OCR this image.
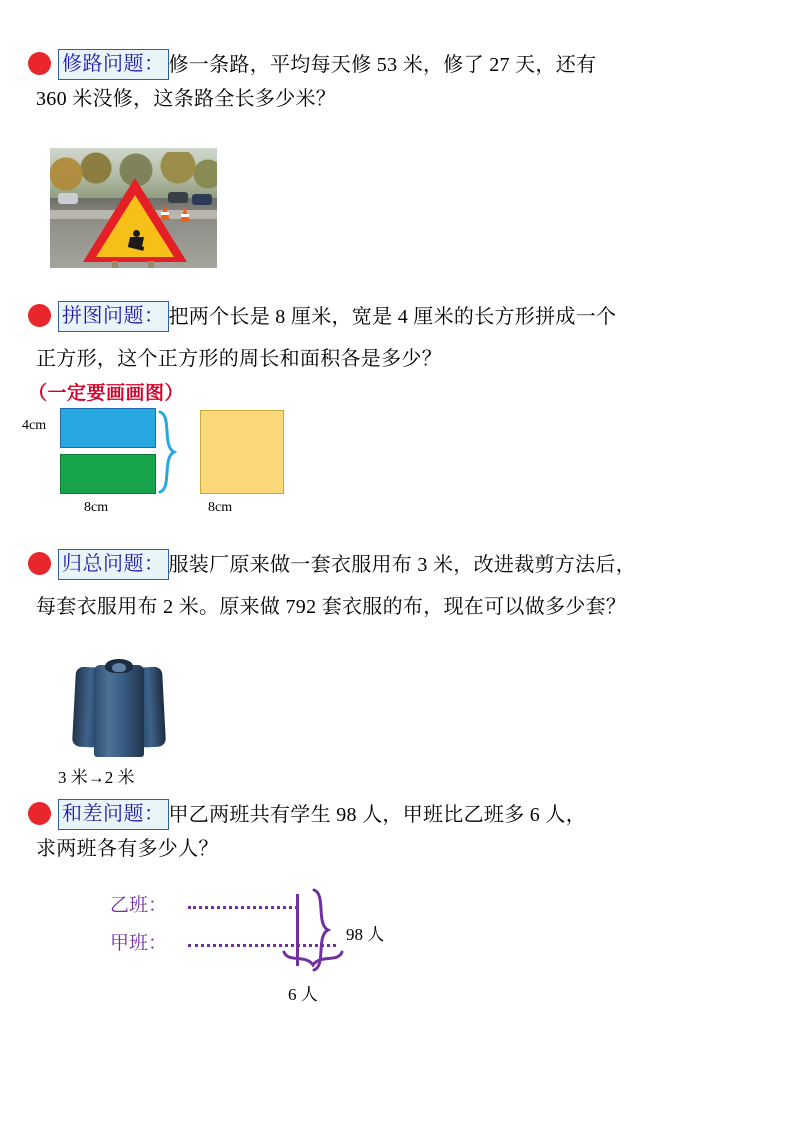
修路问题： 修一条路，平均每天修 53 米，修了 27 天，还有
360 米没修，这条路全长多少米？
拼图问题： 把两个长是 8 厘米，宽是 4 厘米的长方形拼成一个
正方形，这个正方形的周长和面积各是多少？
（一定要画画图）
4cm
8cm	8cm
归总问题： 服装厂原来做一套衣服用布 3 米，改进裁剪方法后，
每套衣服用布 2 米。原来做 792 套衣服的布，现在可以做多少套？
3 米→2 米
和差问题： 甲乙两班共有学生 98 人，甲班比乙班多 6 人，
求两班各有多少人？
乙班：
甲班：	98 人
6 人
